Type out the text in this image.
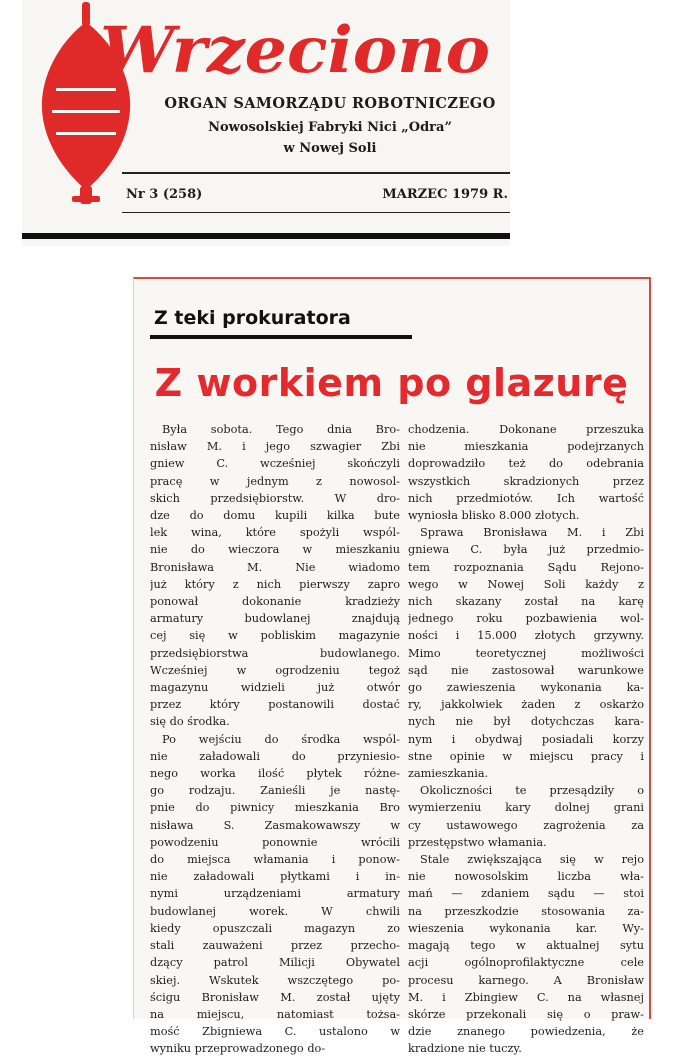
Wrzeciono
ORGAN SAMORZĄDU ROBOTNICZEGO
Nowosolskiej Fabryki Nici „Odra”
w Nowej Soli
Nr 3 (258)	MARZEC 1979 R.
Z teki prokuratora
Z workiem po glazurę
Była sobota. Tego dnia Bro-
nisław M. i jego szwagier Zbi
gniew C. wcześniej skończyli
pracę w jednym z nowosol-
skich przedsiębiorstw. W dro-
dze do domu kupili kilka bute
lek wina, które spożyli wspól-
nie do wieczora w mieszkaniu
Bronisława M. Nie wiadomo
już który z nich pierwszy zapro
ponował dokonanie kradzieży
armatury budowlanej znajdują
cej się w pobliskim magazynie
przedsiębiorstwa budowlanego.
Wcześniej w ogrodzeniu tegoż
magazynu widzieli już otwór
przez który postanowili dostać
się do środka.
Po wejściu do środka wspól-
nie załadowali do przyniesio-
nego worka ilość płytek różne-
go rodzaju. Zanieśli je nastę-
pnie do piwnicy mieszkania Bro
nisława S. Zasmakowawszy w
powodzeniu ponownie wrócili
do miejsca włamania i ponow-
nie załadowali płytkami i in-
nymi urządzeniami armatury
budowlanej worek. W chwili
kiedy opuszczali magazyn zo
stali zauważeni przez przecho-
dzący patrol Milicji Obywatel
skiej. Wskutek wszczętego po-
ścigu Bronisław M. został ujęty
na miejscu, natomiast tożsa-
mość Zbigniewa C. ustalono w
wyniku przeprowadzonego do-
chodzenia. Dokonane przeszuka
nie mieszkania podejrzanych
doprowadziło też do odebrania
wszystkich skradzionych przez
nich przedmiotów. Ich wartość
wyniosła blisko 8.000 złotych.
Sprawa Bronisława M. i Zbi
gniewa C. była już przedmio-
tem rozpoznania Sądu Rejono-
wego w Nowej Soli każdy z
nich skazany został na karę
jednego roku pozbawienia wol-
ności i 15.000 złotych grzywny.
Mimo teoretycznej możliwości
sąd nie zastosował warunkowe
go zawieszenia wykonania ka-
ry, jakkolwiek żaden z oskarżo
nych nie był dotychczas kara-
nym i obydwaj posiadali korzy
stne opinie w miejscu pracy i
zamieszkania.
Okoliczności te przesądziły o
wymierzeniu kary dolnej grani
cy ustawowego zagrożenia za
przestępstwo włamania.
Stale zwiększająca się w rejo
nie nowosolskim liczba wła-
mań — zdaniem sądu — stoi
na przeszkodzie stosowania za-
wieszenia wykonania kar. Wy-
magają tego w aktualnej sytu
acji ogólnoprofilaktyczne cele
procesu karnego. A Bronisław
M. i Zbingiew C. na własnej
skórze przekonali się o praw-
dzie znanego powiedzenia, że
kradzione nie tuczy.
